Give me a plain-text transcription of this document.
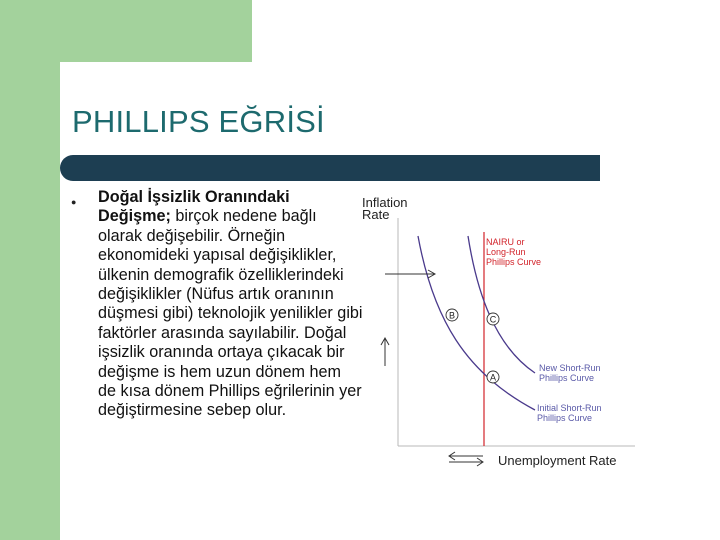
PHILLIPS EĞRİSİ
● Doğal İşsizlik Oranındaki Değişme; birçok nedene bağlı olarak değişebilir. Örneğin ekonomideki yapısal değişiklikler, ülkenin demografik özelliklerindeki değişiklikler (Nüfus artık oranının düşmesi gibi) teknolojik yenilikler gibi faktörler arasında sayılabilir. Doğal işsizlik oranında ortaya çıkacak bir değişme is hem uzun dönem hem de kısa dönem Phillips eğrilerinin yer değiştirmesine sebep olur.
Inflation
Rate
Unemployment Rate
NAIRU or
Long-Run
Phillips Curve
New Short-Run
Phillips Curve
Initial Short-Run
Phillips Curve
B	C
A
